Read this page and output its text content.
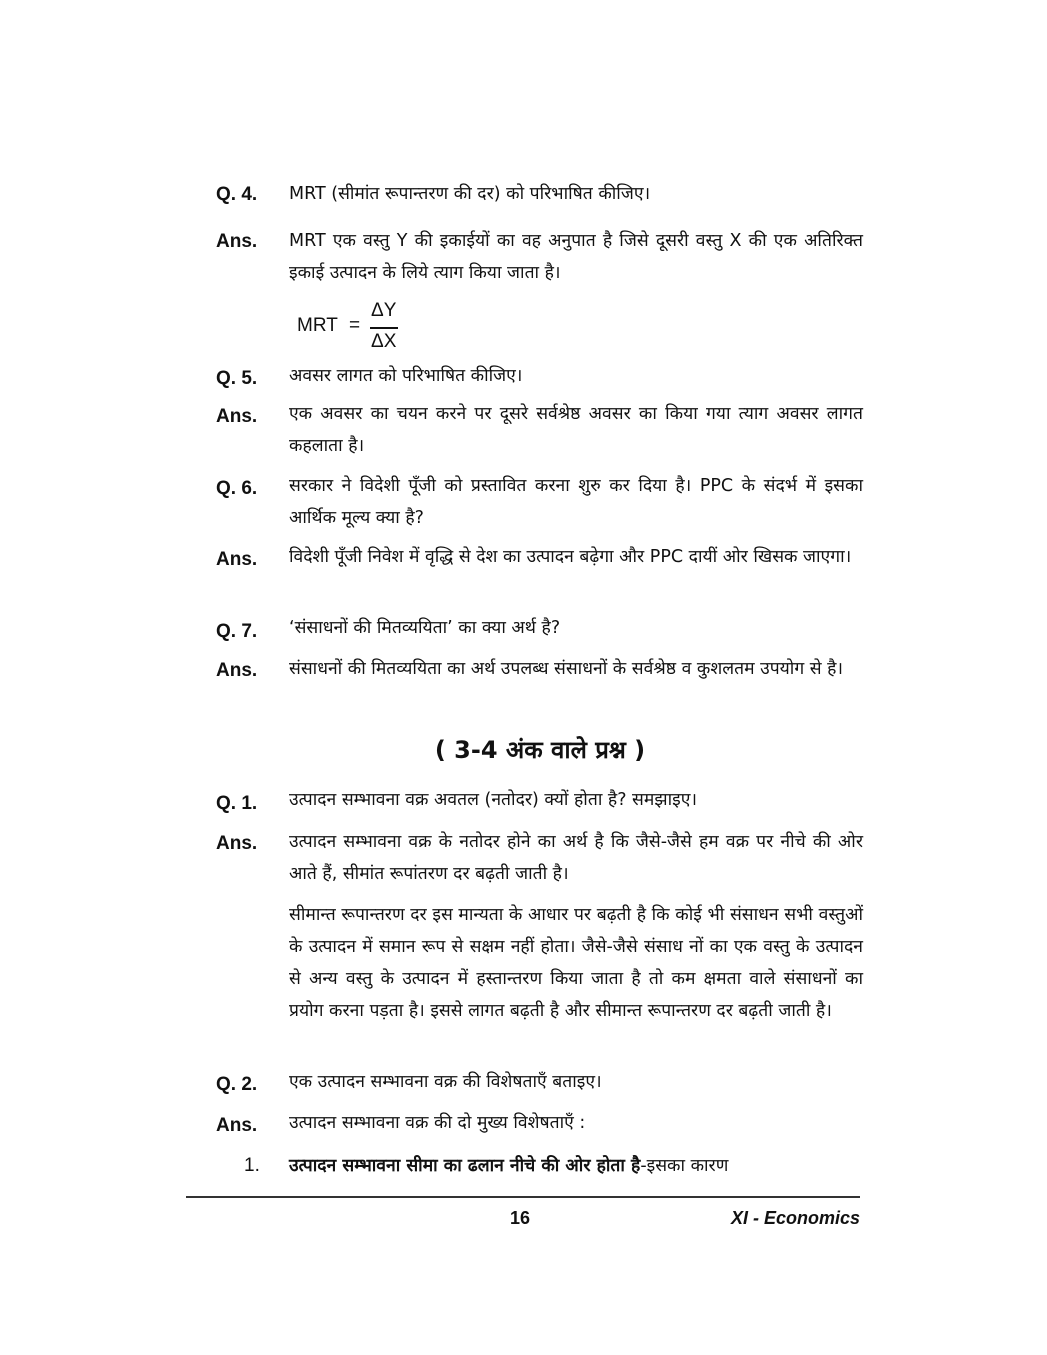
Q. 4. MRT (सीमांत रूपान्तरण की दर) को परिभाषित कीजिए।
Ans. MRT एक वस्तु Y की इकाईयों का वह अनुपात है जिसे दूसरी वस्तु X की एक अतिरिक्त इकाई उत्पादन के लिये त्याग किया जाता है।
MRT =
ΔY
ΔX
Q. 5. अवसर लागत को परिभाषित कीजिए।
Ans. एक अवसर का चयन करने पर दूसरे सर्वश्रेष्ठ अवसर का किया गया त्याग अवसर लागत कहलाता है।
Q. 6. सरकार ने विदेशी पूँजी को प्रस्तावित करना शुरु कर दिया है। PPC के संदर्भ में इसका आर्थिक मूल्य क्या है?
Ans. विदेशी पूँजी निवेश में वृद्धि से देश का उत्पादन बढ़ेगा और PPC दायीं ओर खिसक जाएगा।
Q. 7. ‘संसाधनों की मितव्ययिता’ का क्या अर्थ है?
Ans. संसाधनों की मितव्ययिता का अर्थ उपलब्ध संसाधनों के सर्वश्रेष्ठ व कुशलतम उपयोग से है।
( 3-4 अंक वाले प्रश्न )
Q. 1. उत्पादन सम्भावना वक्र अवतल (नतोदर) क्यों होता है? समझाइए।
Ans. उत्पादन सम्भावना वक्र के नतोदर होने का अर्थ है कि जैसे-जैसे हम वक्र पर नीचे की ओर आते हैं, सीमांत रूपांतरण दर बढ़ती जाती है।
सीमान्त रूपान्तरण दर इस मान्यता के आधार पर बढ़ती है कि कोई भी संसाधन सभी वस्तुओं के उत्पादन में समान रूप से सक्षम नहीं होता। जैसे-जैसे संसाध नों का एक वस्तु के उत्पादन से अन्य वस्तु के उत्पादन में हस्तान्तरण किया जाता है तो कम क्षमता वाले संसाधनों का प्रयोग करना पड़ता है। इससे लागत बढ़ती है और सीमान्त रूपान्तरण दर बढ़ती जाती है।
Q. 2. एक उत्पादन सम्भावना वक्र की विशेषताएँ बताइए।
Ans. उत्पादन सम्भावना वक्र की दो मुख्य विशेषताएँ :
1. उत्पादन सम्भावना सीमा का ढलान नीचे की ओर होता है-इसका कारण
16	XI - Economics
